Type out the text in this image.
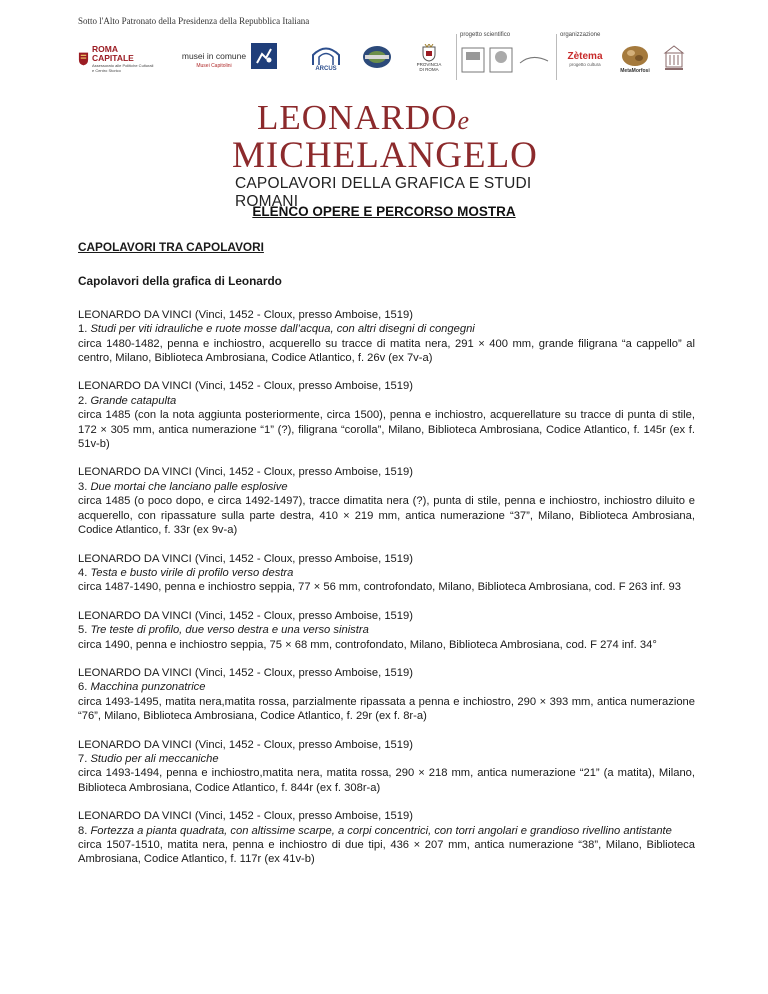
Sotto l'Alto Patronato della Presidenza della Repubblica Italiana
ROMA CAPITALE
Assessorato alle Politiche Culturali e Centro Storico
musei in comune
Musei Capitolini	ARCUS
PROVINCIA DI ROMA
progetto scientifico	organizzazione
Zètema
progetto cultura
MetaMorfosi
LEONARDOe
MICHELANGELO
CAPOLAVORI DELLA GRAFICA E STUDI ROMANI
ELENCO OPERE E PERCORSO MOSTRA
CAPOLAVORI TRA CAPOLAVORI
Capolavori della grafica di Leonardo

LEONARDO DA VINCI (Vinci, 1452 - Cloux, presso Amboise, 1519)

1. Studi per viti idrauliche e ruote mosse dall’acqua, con altri disegni di congegni

circa 1480-1482, penna e inchiostro, acquerello su tracce di matita nera, 291 × 400 mm, grande filigrana “a cappello” al centro, Milano, Biblioteca Ambrosiana, Codice Atlantico, f. 26v (ex 7v-a)

LEONARDO DA VINCI (Vinci, 1452 - Cloux, presso Amboise, 1519)

2. Grande catapulta

circa 1485 (con la nota aggiunta posteriormente, circa 1500), penna e inchiostro, acquerellature su tracce di punta di stile, 172 × 305 mm, antica numerazione “1” (?), filigrana “corolla”, Milano, Biblioteca Ambrosiana, Codice Atlantico, f. 145r (ex f. 51v-b)

LEONARDO DA VINCI (Vinci, 1452 - Cloux, presso Amboise, 1519)

3. Due mortai che lanciano palle esplosive

circa 1485 (o poco dopo, e circa 1492-1497), tracce dimatita nera (?), punta di stile, penna e inchiostro, inchiostro diluito e acquerello, con ripassature sulla parte destra, 410 × 219 mm, antica numerazione “37”, Milano, Biblioteca Ambrosiana, Codice Atlantico, f. 33r (ex 9v-a)

LEONARDO DA VINCI (Vinci, 1452 - Cloux, presso Amboise, 1519)

4. Testa e busto virile di profilo verso destra

circa 1487-1490, penna e inchiostro seppia, 77 × 56 mm, controfondato, Milano, Biblioteca Ambrosiana, cod. F 263 inf. 93

LEONARDO DA VINCI (Vinci, 1452 - Cloux, presso Amboise, 1519)

5. Tre teste di profilo, due verso destra e una verso sinistra

circa 1490, penna e inchiostro seppia, 75 × 68 mm, controfondato, Milano, Biblioteca Ambrosiana, cod. F 274 inf. 34°

LEONARDO DA VINCI (Vinci, 1452 - Cloux, presso Amboise, 1519)

6. Macchina punzonatrice

circa 1493-1495, matita nera,matita rossa, parzialmente ripassata a penna e inchiostro, 290 × 393 mm, antica numerazione “76”, Milano, Biblioteca Ambrosiana, Codice Atlantico, f. 29r (ex f. 8r-a)

LEONARDO DA VINCI (Vinci, 1452 - Cloux, presso Amboise, 1519)

7. Studio per ali meccaniche

circa 1493-1494, penna e inchiostro,matita nera, matita rossa, 290 × 218 mm, antica numerazione “21” (a matita), Milano, Biblioteca Ambrosiana, Codice Atlantico, f. 844r (ex f. 308r-a)

LEONARDO DA VINCI (Vinci, 1452 - Cloux, presso Amboise, 1519)

8. Fortezza a pianta quadrata, con altissime scarpe, a corpi concentrici, con torri angolari e grandioso rivellino antistante

circa 1507-1510, matita nera, penna e inchiostro di due tipi, 436 × 207 mm, antica numerazione “38”, Milano, Biblioteca Ambrosiana, Codice Atlantico, f. 117r (ex 41v-b)
